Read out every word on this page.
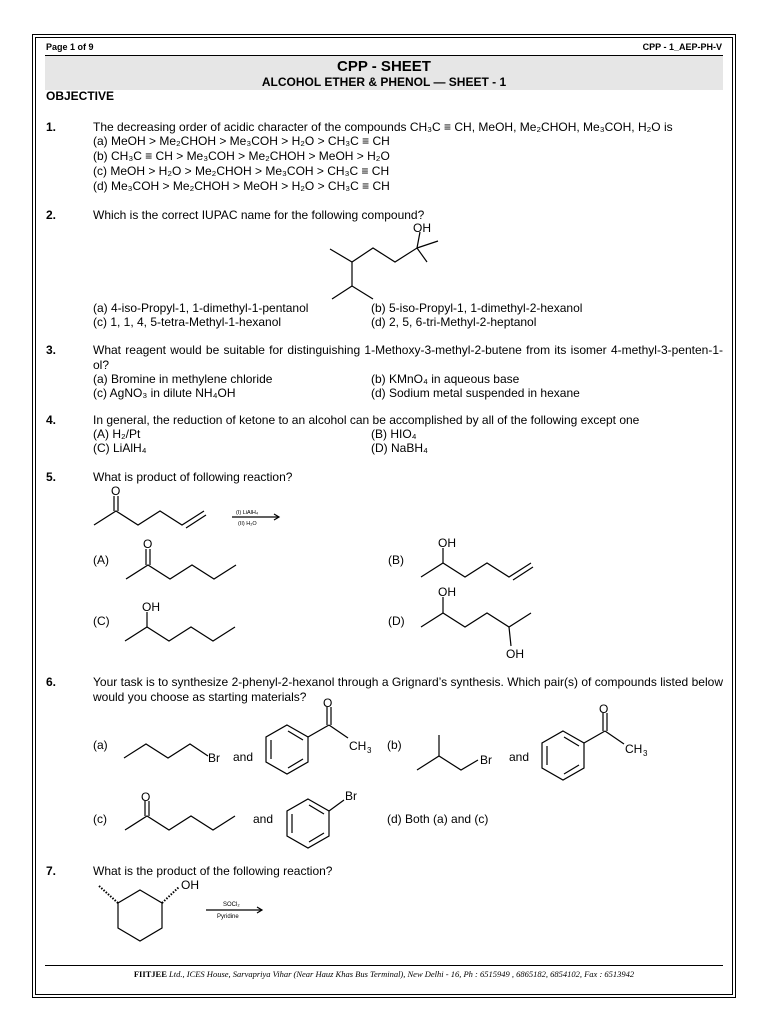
Page 1 of 9	CPP - 1_AEP-PH-V
CPP - SHEET
ALCOHOL ETHER & PHENOL — SHEET - 1
OBJECTIVE
1.	The decreasing order of acidic character of the compounds CH₃C ≡ CH, MeOH, Me₂CHOH, Me₃COH, H₂O is
(a) MeOH > Me₂CHOH > Me₃COH > H₂O > CH₃C ≡ CH
(b) CH₃C ≡ CH > Me₃COH > Me₂CHOH > MeOH > H₂O
(c) MeOH > H₂O > Me₂CHOH > Me₃COH > CH₃C ≡ CH
(d) Me₃COH > Me₂CHOH > MeOH > H₂O > CH₃C ≡ CH
2.	Which is the correct IUPAC name for the following compound?
OH
(a) 4-iso-Propyl-1, 1-dimethyl-1-pentanol	(b) 5-iso-Propyl-1, 1-dimethyl-2-hexanol
(c) 1, 1, 4, 5-tetra-Methyl-1-hexanol	(d) 2, 5, 6-tri-Methyl-2-heptanol
3.	What reagent would be suitable for distinguishing 1-Methoxy-3-methyl-2-butene from its isomer 4-methyl-3-penten-1-ol?
(a) Bromine in methylene chloride	(b) KMnO₄ in aqueous base
(c) AgNO₃ in dilute NH₄OH	(d) Sodium metal suspended in hexane
4.	In general, the reduction of ketone to an alcohol can be accomplished by all of the following except one
(A) H₂/Pt	(B) HIO₄
(C) LiAlH₄	(D) NaBH₄
5.	What is product of following reaction?
O
(I) LiAlH₄
(II) H₂O
(A)
O
(B)
OH
(C)
OH
(D)
OH
OH
6.	Your task is to synthesize 2-phenyl-2-hexanol through a Grignard’s synthesis. Which pair(s) of compounds listed below would you choose as starting materials?
(a)
Br and
O
CH 3 (b)
Br and
O
CH 3
(c)
O
and
Br
(d) Both (a) and (c)
7.	What is the product of the following reaction?
OH
SOCl₂
Pyridine
FIITJEE Ltd., ICES House, Sarvapriya Vihar (Near Hauz Khas Bus Terminal), New Delhi - 16, Ph : 6515949 , 6865182, 6854102, Fax : 6513942
